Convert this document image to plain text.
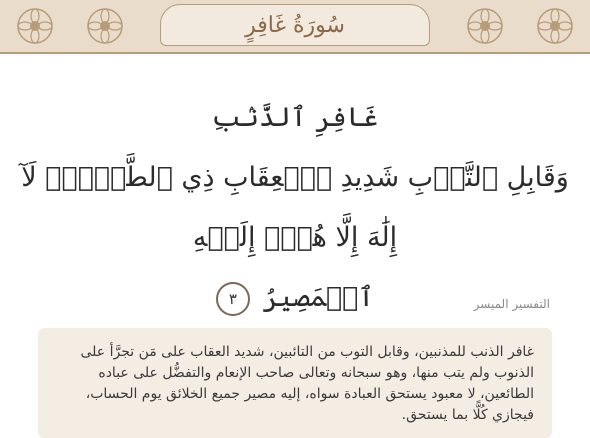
سُورَةُ غَافِرٍ
غَافِرِ ٱلذَّنۢبِ
وَقَابِلِ ٱلتَّوۡبِ شَدِيدِ ٱلۡعِقَابِ ذِي ٱلطَّوۡلِۖ لَآ إِلَٰهَ إِلَّا هُوَۖ إِلَيۡهِ
ٱلۡمَصِيرُ ٣	التفسير الميسر
غافر الذنب للمذنبين، وقابل التوب من التائبين، شديد العقاب على مَن تجرَّأ على الذنوب ولم يتب منها، وهو سبحانه وتعالى صاحب الإنعام والتفضُّل على عباده الطائعين، لا معبود يستحق العبادة سواه، إليه مصير جميع الخلائق يوم الحساب، فيجازي كُلًّا بما يستحق.
